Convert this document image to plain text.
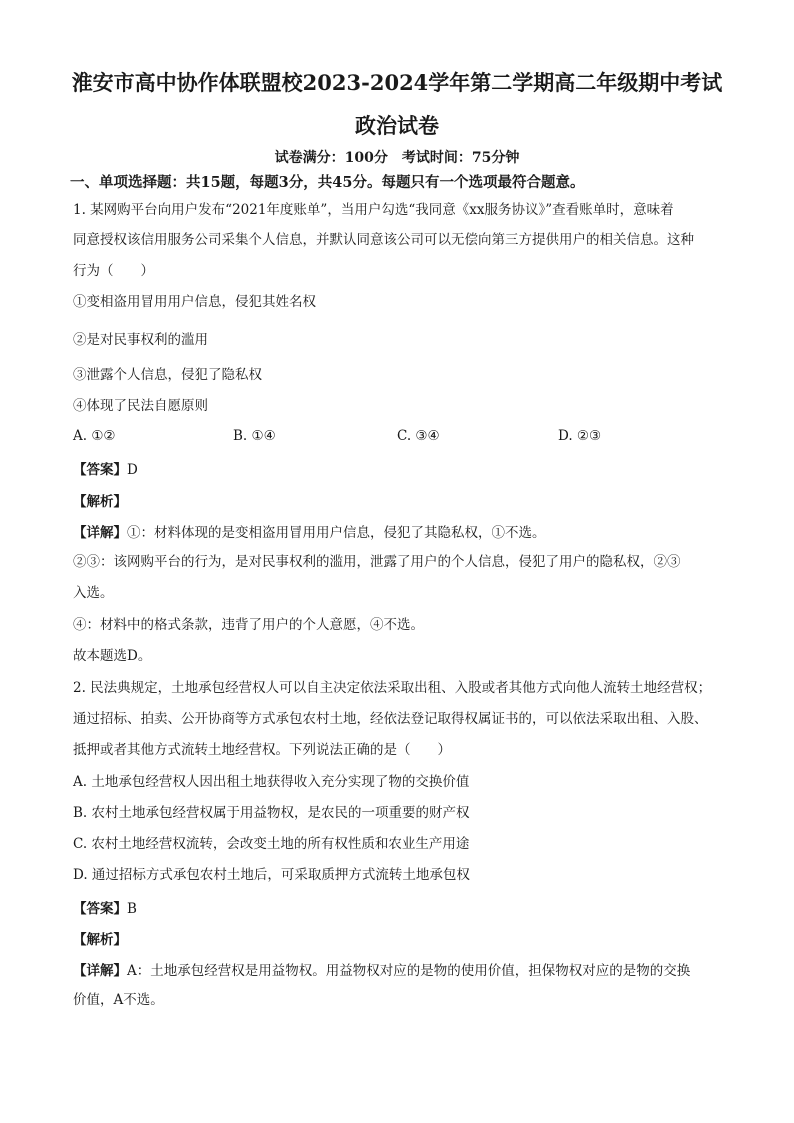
淮安市高中协作体联盟校2023-2024学年第二学期高二年级期中考试
政治试卷
试卷满分：100分　考试时间：75分钟
一、单项选择题：共15题，每题3分，共45分。每题只有一个选项最符合题意。
1. 某网购平台向用户发布“2021年度账单”，当用户勾选“我同意《xx服务协议》”查看账单时，意味着
同意授权该信用服务公司采集个人信息，并默认同意该公司可以无偿向第三方提供用户的相关信息。这种
行为（　　）
①变相盗用冒用用户信息，侵犯其姓名权
②是对民事权利的滥用
③泄露个人信息，侵犯了隐私权
④体现了民法自愿原则
A. ①②	B. ①④	C. ③④	D. ②③
【答案】D
【解析】
【详解】①：材料体现的是变相盗用冒用用户信息，侵犯了其隐私权，①不选。
②③：该网购平台的行为，是对民事权利的滥用，泄露了用户的个人信息，侵犯了用户的隐私权，②③
入选。
④：材料中的格式条款，违背了用户的个人意愿，④不选。
故本题选D。
2. 民法典规定，土地承包经营权人可以自主决定依法采取出租、入股或者其他方式向他人流转土地经营权；
通过招标、拍卖、公开协商等方式承包农村土地，经依法登记取得权属证书的，可以依法采取出租、入股、
抵押或者其他方式流转土地经营权。下列说法正确的是（　　）
A. 土地承包经营权人因出租土地获得收入充分实现了物的交换价值
B. 农村土地承包经营权属于用益物权，是农民的一项重要的财产权
C. 农村土地经营权流转，会改变土地的所有权性质和农业生产用途
D. 通过招标方式承包农村土地后，可采取质押方式流转土地承包权
【答案】B
【解析】
【详解】A：土地承包经营权是用益物权。用益物权对应的是物的使用价值，担保物权对应的是物的交换
价值，A不选。
